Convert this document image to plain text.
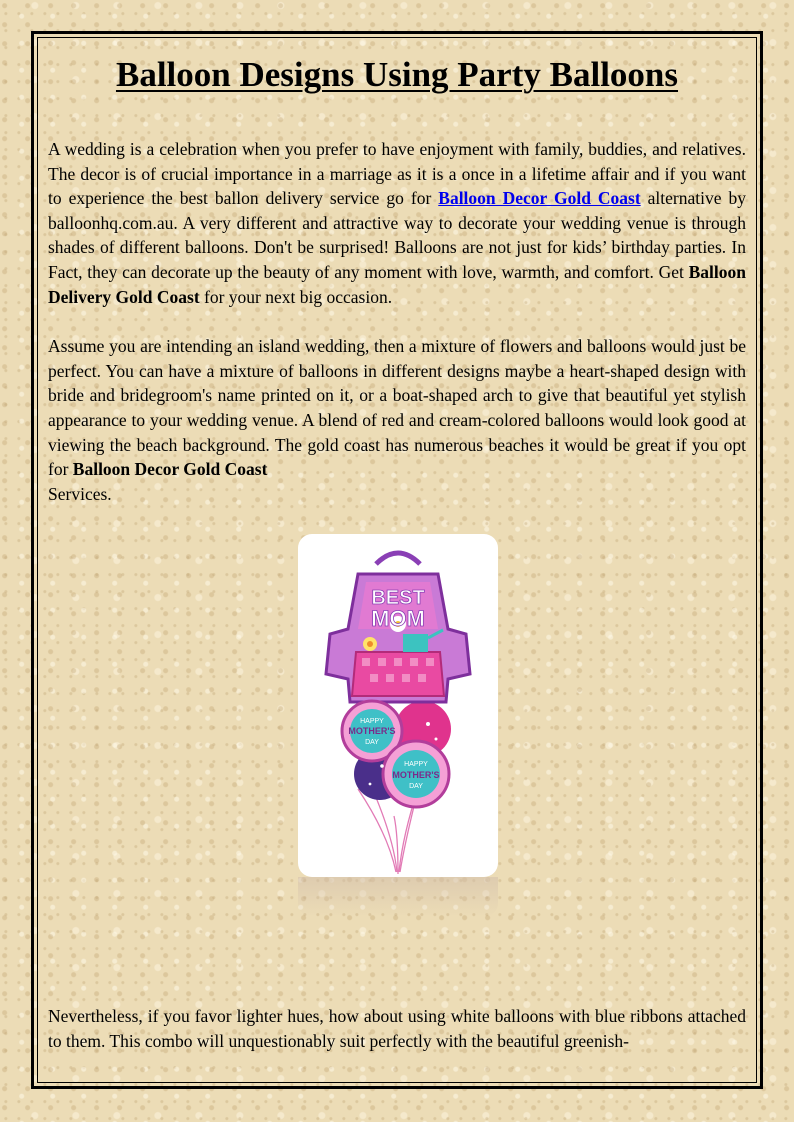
Balloon Designs Using Party Balloons

A wedding is a celebration when you prefer to have enjoyment with family, buddies, and relatives. The decor is of crucial importance in a marriage as it is a once in a lifetime affair and if you want to experience the best ballon delivery service go for Balloon Decor Gold Coast alternative by balloonhq.com.au. A very different and attractive way to decorate your wedding venue is through shades of different balloons. Don't be surprised! Balloons are not just for kids’ birthday parties. In Fact, they can decorate up the beauty of any moment with love, warmth, and comfort. Get Balloon Delivery Gold Coast for your next big occasion.

Assume you are intending an island wedding, then a mixture of flowers and balloons would just be perfect. You can have a mixture of balloons in different designs maybe a heart-shaped design with bride and bridegroom's name printed on it, or a boat-shaped arch to give that beautiful yet stylish appearance to your wedding venue. A blend of red and cream-colored balloons would look good at viewing the beach background. The gold coast has numerous beaches it would be great if you opt for Balloon Decor Gold Coast
Services.

BEST
MOM
HAPPY
MOTHER'S
DAY
HAPPY
MOTHER'S
DAY

Nevertheless, if you favor lighter hues, how about using white balloons with blue ribbons attached to them. This combo will unquestionably suit perfectly with the beautiful greenish-
